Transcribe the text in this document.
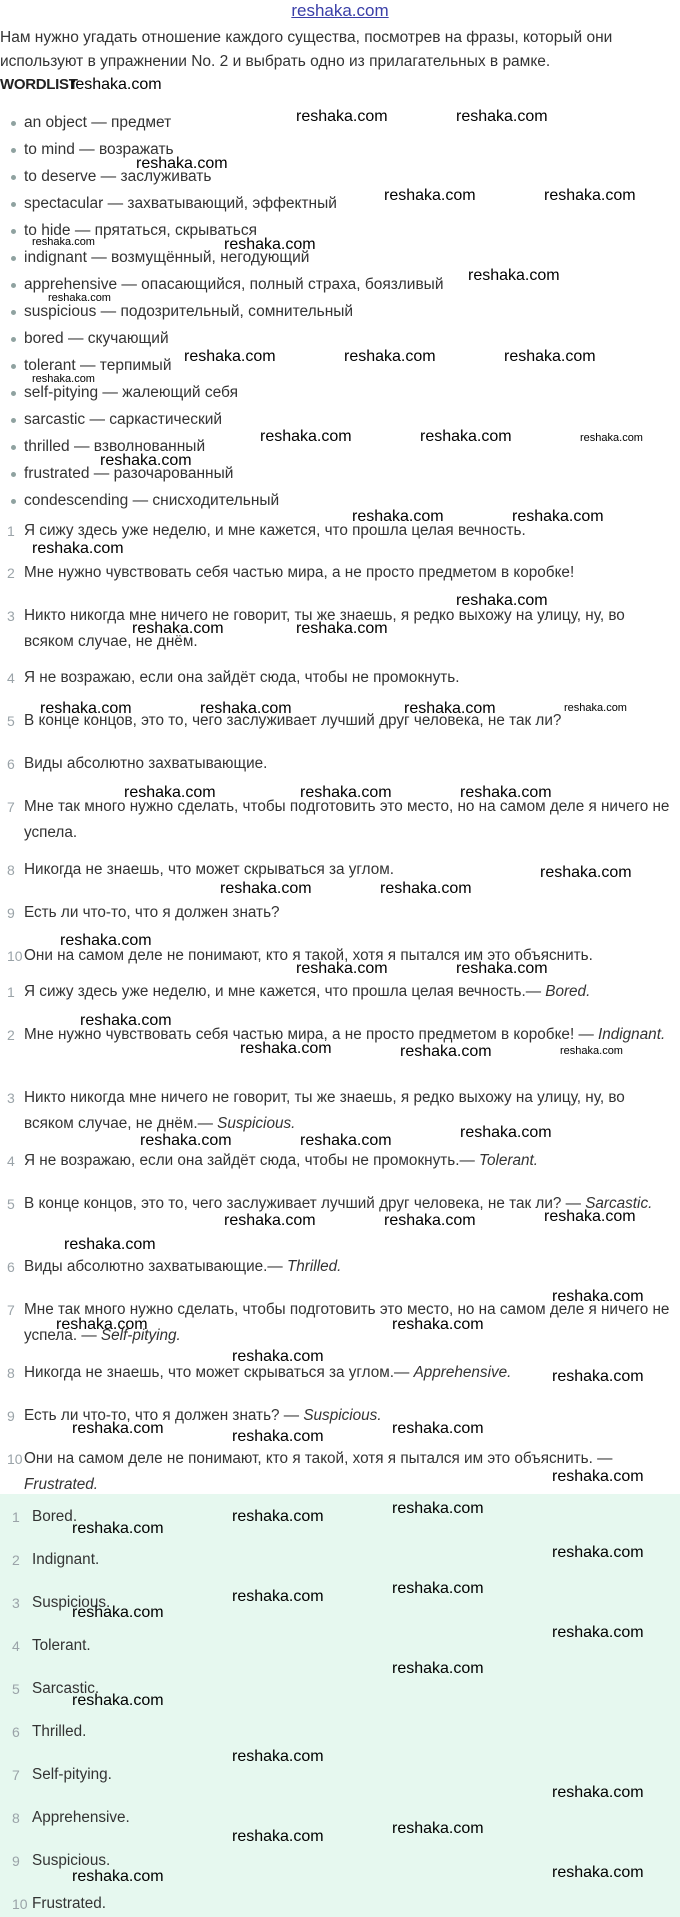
reshaka.com
Нам нужно угадать отношение каждого существа, посмотрев на фразы, который они используют в упражнении No. 2 и выбрать одно из прилагательных в рамке.
WORDLIST
an object — предмет
to mind — возражать
to deserve — заслуживать
spectacular — захватывающий, эффектный
to hide — прятаться, скрываться
indignant — возмущённый, негодующий
apprehensive — опасающийся, полный страха, боязливый
suspicious — подозрительный, сомнительный
bored — скучающий
tolerant — терпимый
self-pitying — жалеющий себя
sarcastic — саркастический
thrilled — взволнованный
frustrated — разочарованный
condescending — снисходительный
1 Я сижу здесь уже неделю, и мне кажется, что прошла целая вечность.
2 Мне нужно чувствовать себя частью мира, а не просто предметом в коробке!
3 Никто никогда мне ничего не говорит, ты же знаешь, я редко выхожу на улицу, ну, во всяком случае, не днём.
4 Я не возражаю, если она зайдёт сюда, чтобы не промокнуть.
5 В конце концов, это то, чего заслуживает лучший друг человека, не так ли?
6 Виды абсолютно захватывающие.
7 Мне так много нужно сделать, чтобы подготовить это место, но на самом деле я ничего не успела.
8 Никогда не знаешь, что может скрываться за углом.
9 Есть ли что-то, что я должен знать?
10 Они на самом деле не понимают, кто я такой, хотя я пытался им это объяснить.
1 Я сижу здесь уже неделю, и мне кажется, что прошла целая вечность.— Bored.
2 Мне нужно чувствовать себя частью мира, а не просто предметом в коробке! — Indignant.
3 Никто никогда мне ничего не говорит, ты же знаешь, я редко выхожу на улицу, ну, во всяком случае, не днём.— Suspicious.
4 Я не возражаю, если она зайдёт сюда, чтобы не промокнуть.— Tolerant.
5 В конце концов, это то, чего заслуживает лучший друг человека, не так ли? — Sarcastic.
6 Виды абсолютно захватывающие.— Thrilled.
7 Мне так много нужно сделать, чтобы подготовить это место, но на самом деле я ничего не успела. — Self-pitying.
8 Никогда не знаешь, что может скрываться за углом.— Apprehensive.
9 Есть ли что-то, что я должен знать? — Suspicious.
10 Они на самом деле не понимают, кто я такой, хотя я пытался им это объяснить. — Frustrated.
1 Bored.
2 Indignant.
3 Suspicious.
4 Tolerant.
5 Sarcastic.
6 Thrilled.
7 Self-pitying.
8 Apprehensive.
9 Suspicious.
10 Frustrated.
reshaka.com
reshaka.com	reshaka.com
reshaka.com
reshaka.com	reshaka.com
reshaka.com	reshaka.com
reshaka.com
reshaka.com
reshaka.com	reshaka.com	reshaka.com
reshaka.com
reshaka.com	reshaka.com	reshaka.com
reshaka.com
reshaka.com	reshaka.com
reshaka.com
reshaka.com
reshaka.com	reshaka.com
reshaka.com	reshaka.com	reshaka.com	reshaka.com
reshaka.com	reshaka.com	reshaka.com
reshaka.com
reshaka.com	reshaka.com
reshaka.com
reshaka.com	reshaka.com
reshaka.com
reshaka.com	reshaka.com	reshaka.com
reshaka.com	reshaka.com	reshaka.com
reshaka.com
reshaka.com	reshaka.com
reshaka.com
reshaka.com
reshaka.com	reshaka.com
reshaka.com
reshaka.com
reshaka.com	reshaka.com	reshaka.com
reshaka.com
reshaka.com
reshaka.com
reshaka.com
reshaka.com
reshaka.com
reshaka.com
reshaka.com
reshaka.com
reshaka.com
reshaka.com
reshaka.com
reshaka.com
reshaka.com
reshaka.com	reshaka.com
reshaka.com
